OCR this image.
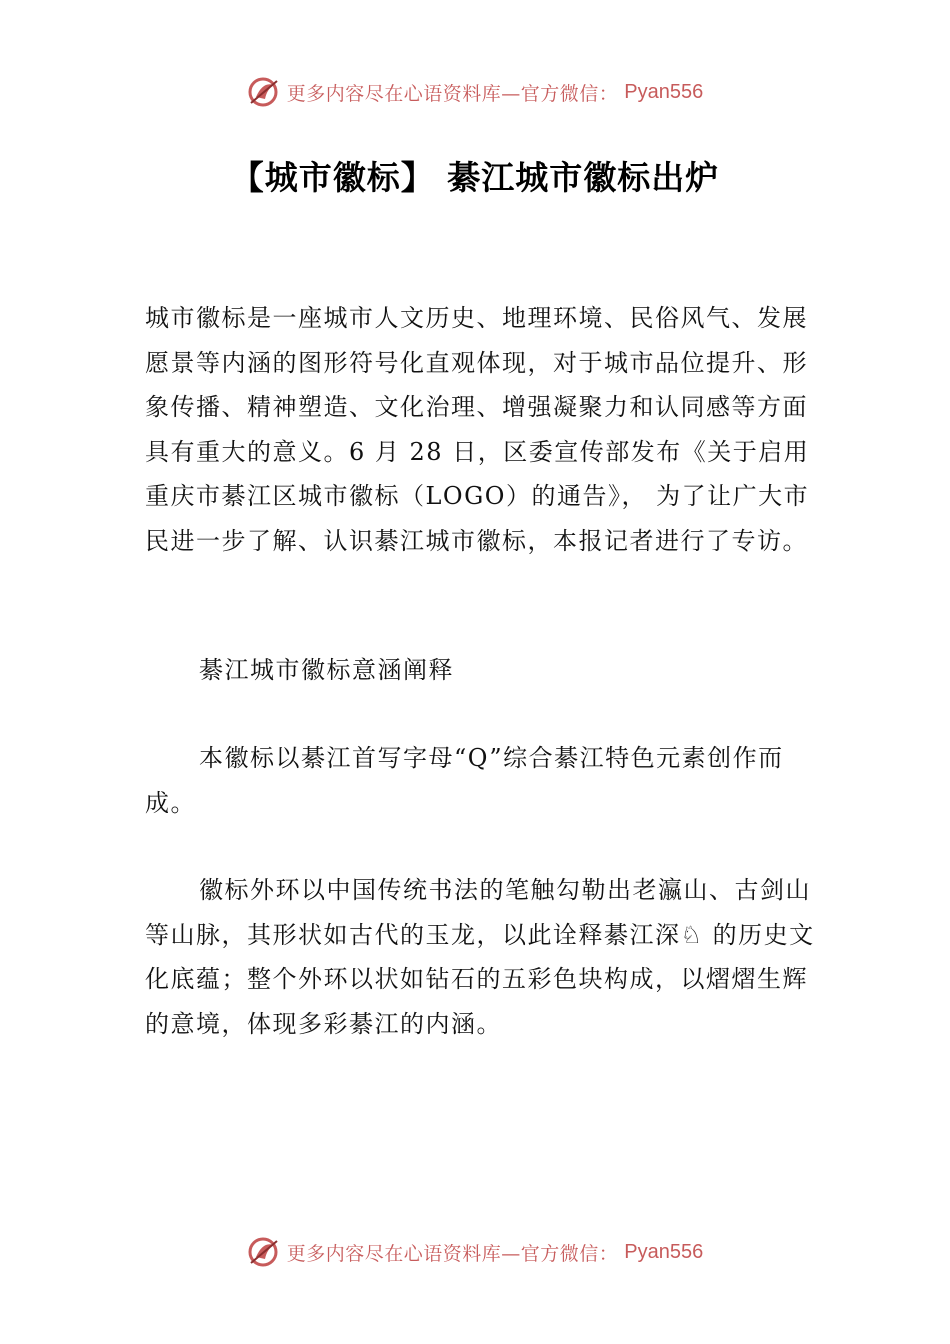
更多内容尽在心语资料库—官方微信： Pyan556
【城市徽标】 綦江城市徽标出炉

城市徽标是一座城市人文历史、地理环境、民俗风气、发展愿景等内涵的图形符号化直观体现，对于城市品位提升、形象传播、精神塑造、文化治理、增强凝聚力和认同感等方面具有重大的意义。6 月 28 日，区委宣传部发布《关于启用重庆市綦江区城市徽标（LOGO）的通告》， 为了让广大市民进一步了解、认识綦江城市徽标，本报记者进行了专访。

綦江城市徽标意涵阐释

本徽标以綦江首写字母“Q”综合綦江特色元素创作而成。

徽标外环以中国传统书法的笔触勾勒出老瀛山、古剑山等山脉，其形状如古代的玉龙，以此诠释綦江深♘ 的历史文化底蕴；整个外环以状如钻石的五彩色块构成，以熠熠生辉的意境，体现多彩綦江的内涵。

更多内容尽在心语资料库—官方微信： Pyan556
